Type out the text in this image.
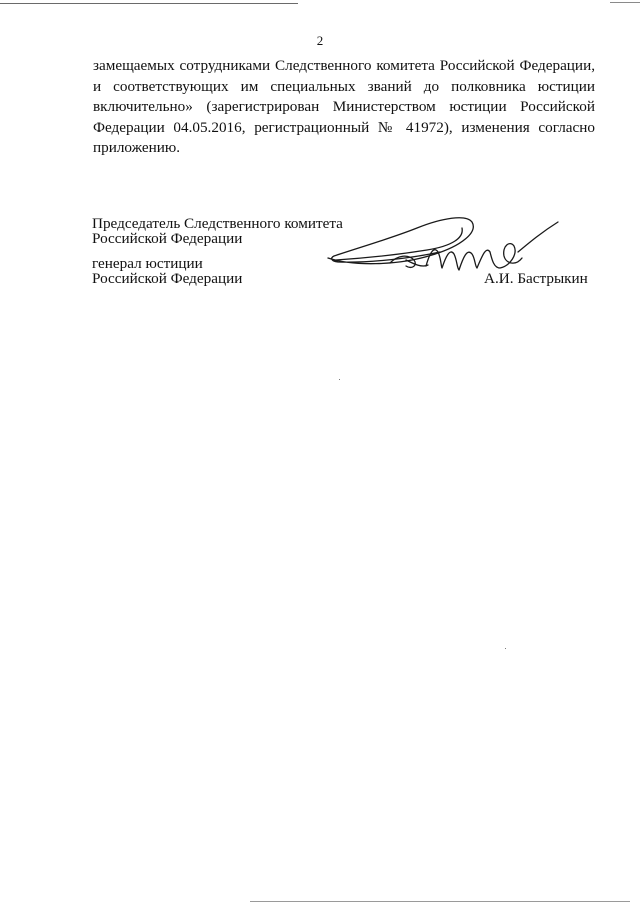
2
замещаемых сотрудниками Следственного комитета Российской Федерации,
и соответствующих им специальных званий до полковника юстиции
включительно» (зарегистрирован Министерством юстиции Российской
Федерации 04.05.2016, регистрационный № 41972), изменения согласно
приложению.
Председатель Следственного комитета
Российской Федерации
генерал юстиции
Российской Федерации	А.И. Бастрыкин
